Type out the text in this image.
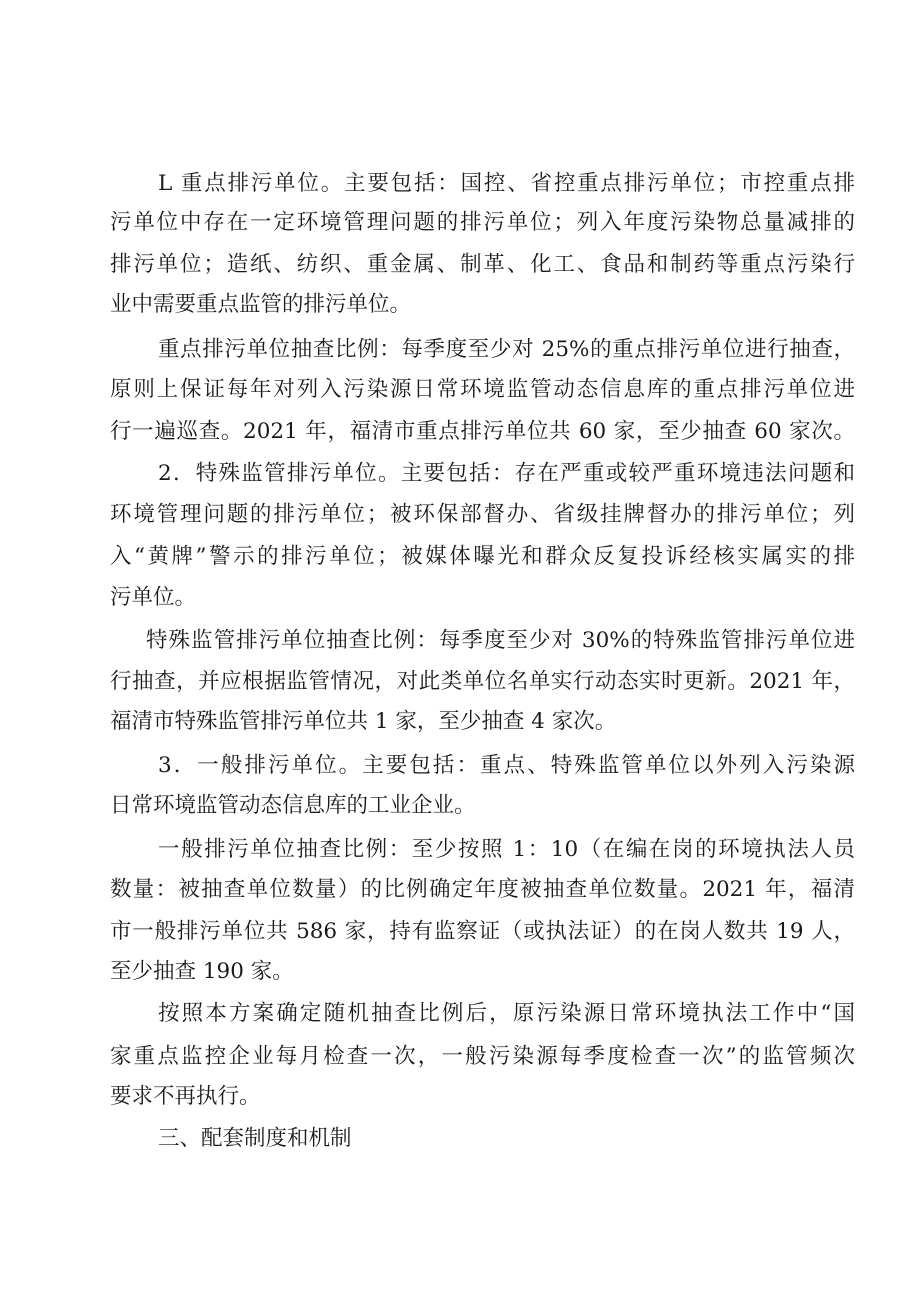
L 重点排污单位。主要包括：国控、省控重点排污单位；市控重点排
污单位中存在一定环境管理问题的排污单位；列入年度污染物总量减排的
排污单位；造纸、纺织、重金属、制革、化工、食品和制药等重点污染行
业中需要重点监管的排污单位。
重点排污单位抽查比例：每季度至少对 25%的重点排污单位进行抽查，
原则上保证每年对列入污染源日常环境监管动态信息库的重点排污单位进
行一遍巡查。2021 年，福清市重点排污单位共 60 家，至少抽查 60 家次。
2．特殊监管排污单位。主要包括：存在严重或较严重环境违法问题和
环境管理问题的排污单位；被环保部督办、省级挂牌督办的排污单位；列
入“黄牌”警示的排污单位；被媒体曝光和群众反复投诉经核实属实的排
污单位。
特殊监管排污单位抽查比例：每季度至少对 30%的特殊监管排污单位进
行抽查，并应根据监管情况，对此类单位名单实行动态实时更新。2021 年，
福清市特殊监管排污单位共 1 家，至少抽查 4 家次。
3．一般排污单位。主要包括：重点、特殊监管单位以外列入污染源
日常环境监管动态信息库的工业企业。
一般排污单位抽查比例：至少按照 1：10（在编在岗的环境执法人员
数量：被抽查单位数量）的比例确定年度被抽查单位数量。2021 年，福清
市一般排污单位共 586 家，持有监察证（或执法证）的在岗人数共 19 人，
至少抽查 190 家。
按照本方案确定随机抽查比例后，原污染源日常环境执法工作中“国
家重点监控企业每月检查一次，一般污染源每季度检查一次”的监管频次
要求不再执行。
三、配套制度和机制
